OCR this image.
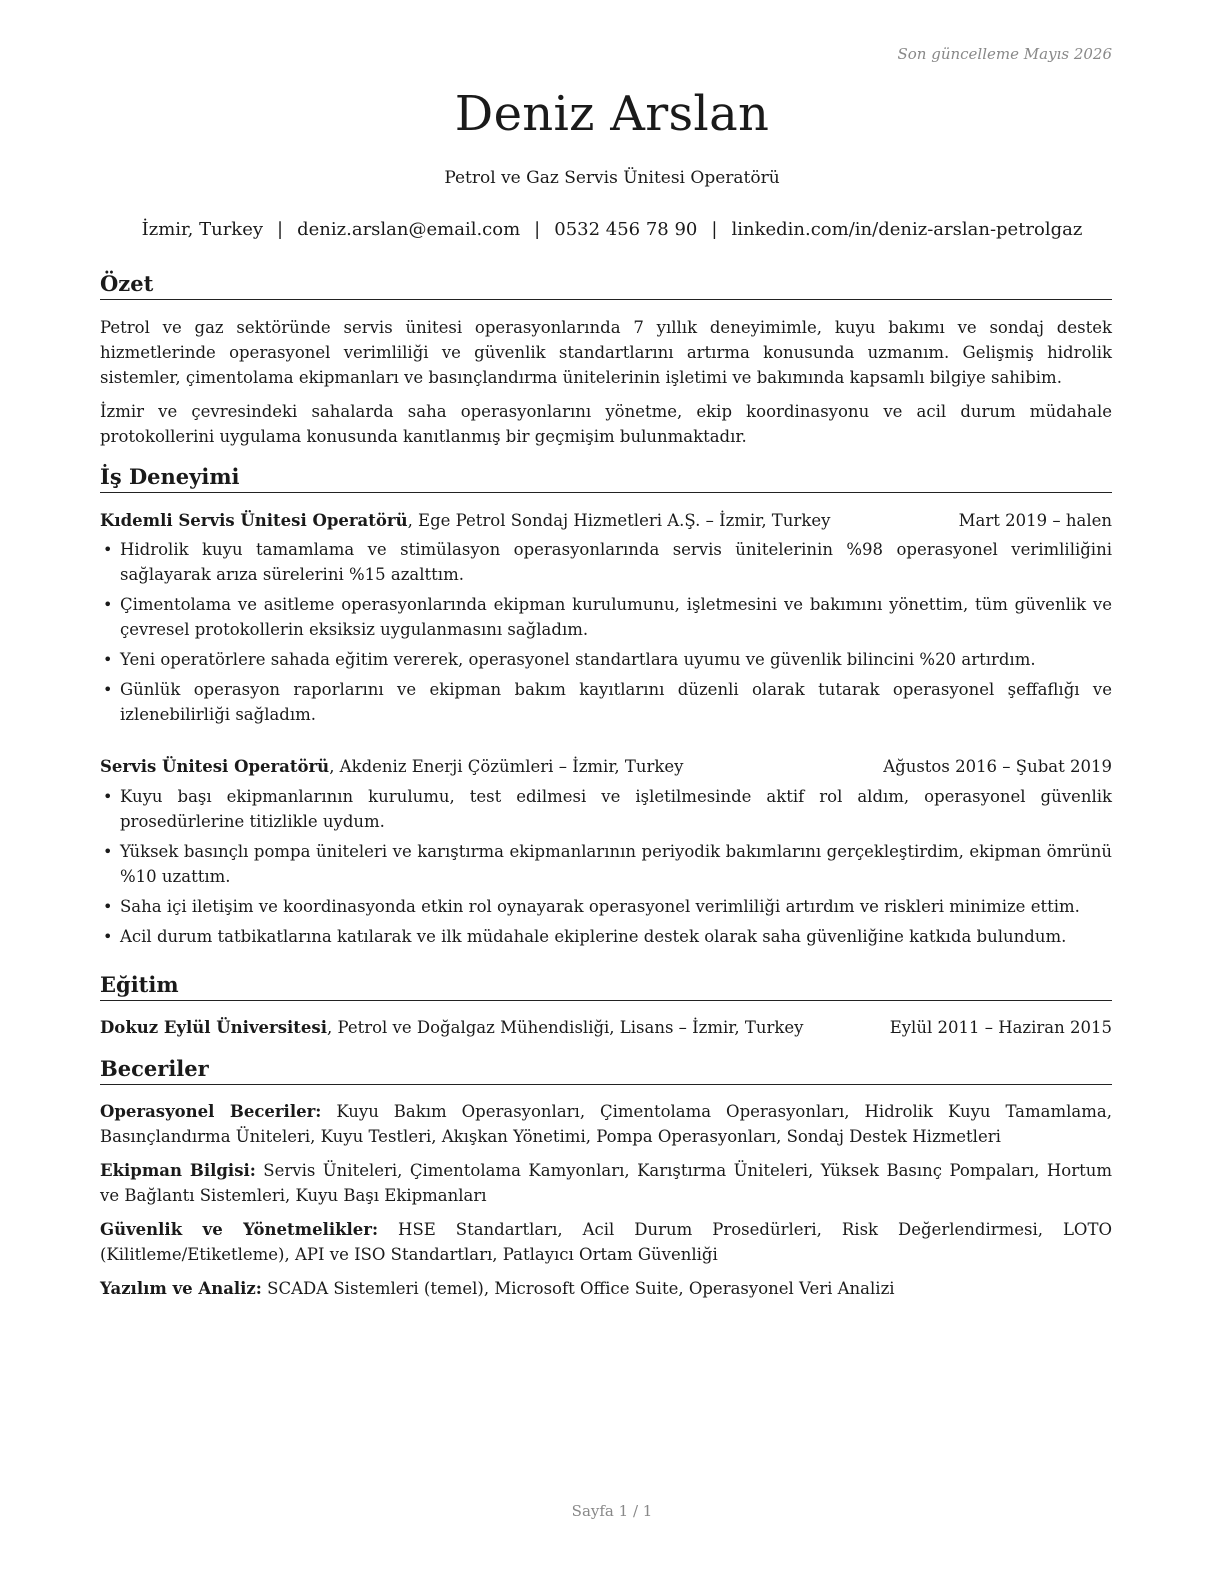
Son güncelleme Mayıs 2026
Deniz Arslan
Petrol ve Gaz Servis Ünitesi Operatörü
İzmir, Turkey | deniz.arslan@email.com | 0532 456 78 90 | linkedin.com/in/deniz-arslan-petrolgaz
Özet
Petrol ve gaz sektöründe servis ünitesi operasyonlarında 7 yıllık deneyimimle, kuyu bakımı ve sondaj destek hizmetlerinde operasyonel verimliliği ve güvenlik standartlarını artırma konusunda uzmanım. Gelişmiş hidrolik sistemler, çimentolama ekipmanları ve basınçlandırma ünitelerinin işletimi ve bakımında kapsamlı bilgiye sahibim.
İzmir ve çevresindeki sahalarda saha operasyonlarını yönetme, ekip koordinasyonu ve acil durum müdahale protokollerini uygulama konusunda kanıtlanmış bir geçmişim bulunmaktadır.
İş Deneyimi
Kıdemli Servis Ünitesi Operatörü, Ege Petrol Sondaj Hizmetleri A.Ş. – İzmir, Turkey	Mart 2019 – halen
• Hidrolik kuyu tamamlama ve stimülasyon operasyonlarında servis ünitelerinin %98 operasyonel verimliliğini sağlayarak arıza sürelerini %15 azalttım.
• Çimentolama ve asitleme operasyonlarında ekipman kurulumunu, işletmesini ve bakımını yönettim, tüm güvenlik ve çevresel protokollerin eksiksiz uygulanmasını sağladım.
• Yeni operatörlere sahada eğitim vererek, operasyonel standartlara uyumu ve güvenlik bilincini %20 artırdım.
• Günlük operasyon raporlarını ve ekipman bakım kayıtlarını düzenli olarak tutarak operasyonel şeffaflığı ve izlenebilirliği sağladım.
Servis Ünitesi Operatörü, Akdeniz Enerji Çözümleri – İzmir, Turkey	Ağustos 2016 – Şubat 2019
• Kuyu başı ekipmanlarının kurulumu, test edilmesi ve işletilmesinde aktif rol aldım, operasyonel güvenlik prosedürlerine titizlikle uydum.
• Yüksek basınçlı pompa üniteleri ve karıştırma ekipmanlarının periyodik bakımlarını gerçekleştirdim, ekipman ömrünü %10 uzattım.
• Saha içi iletişim ve koordinasyonda etkin rol oynayarak operasyonel verimliliği artırdım ve riskleri minimize ettim.
• Acil durum tatbikatlarına katılarak ve ilk müdahale ekiplerine destek olarak saha güvenliğine katkıda bulundum.
Eğitim
Dokuz Eylül Üniversitesi, Petrol ve Doğalgaz Mühendisliği, Lisans – İzmir, Turkey	Eylül 2011 – Haziran 2015
Beceriler
Operasyonel Beceriler: Kuyu Bakım Operasyonları, Çimentolama Operasyonları, Hidrolik Kuyu Tamamlama, Basınçlandırma Üniteleri, Kuyu Testleri, Akışkan Yönetimi, Pompa Operasyonları, Sondaj Destek Hizmetleri
Ekipman Bilgisi: Servis Üniteleri, Çimentolama Kamyonları, Karıştırma Üniteleri, Yüksek Basınç Pompaları, Hortum ve Bağlantı Sistemleri, Kuyu Başı Ekipmanları
Güvenlik ve Yönetmelikler: HSE Standartları, Acil Durum Prosedürleri, Risk Değerlendirmesi, LOTO (Kilitleme/Etiketleme), API ve ISO Standartları, Patlayıcı Ortam Güvenliği
Yazılım ve Analiz: SCADA Sistemleri (temel), Microsoft Office Suite, Operasyonel Veri Analizi
Sayfa 1 / 1
